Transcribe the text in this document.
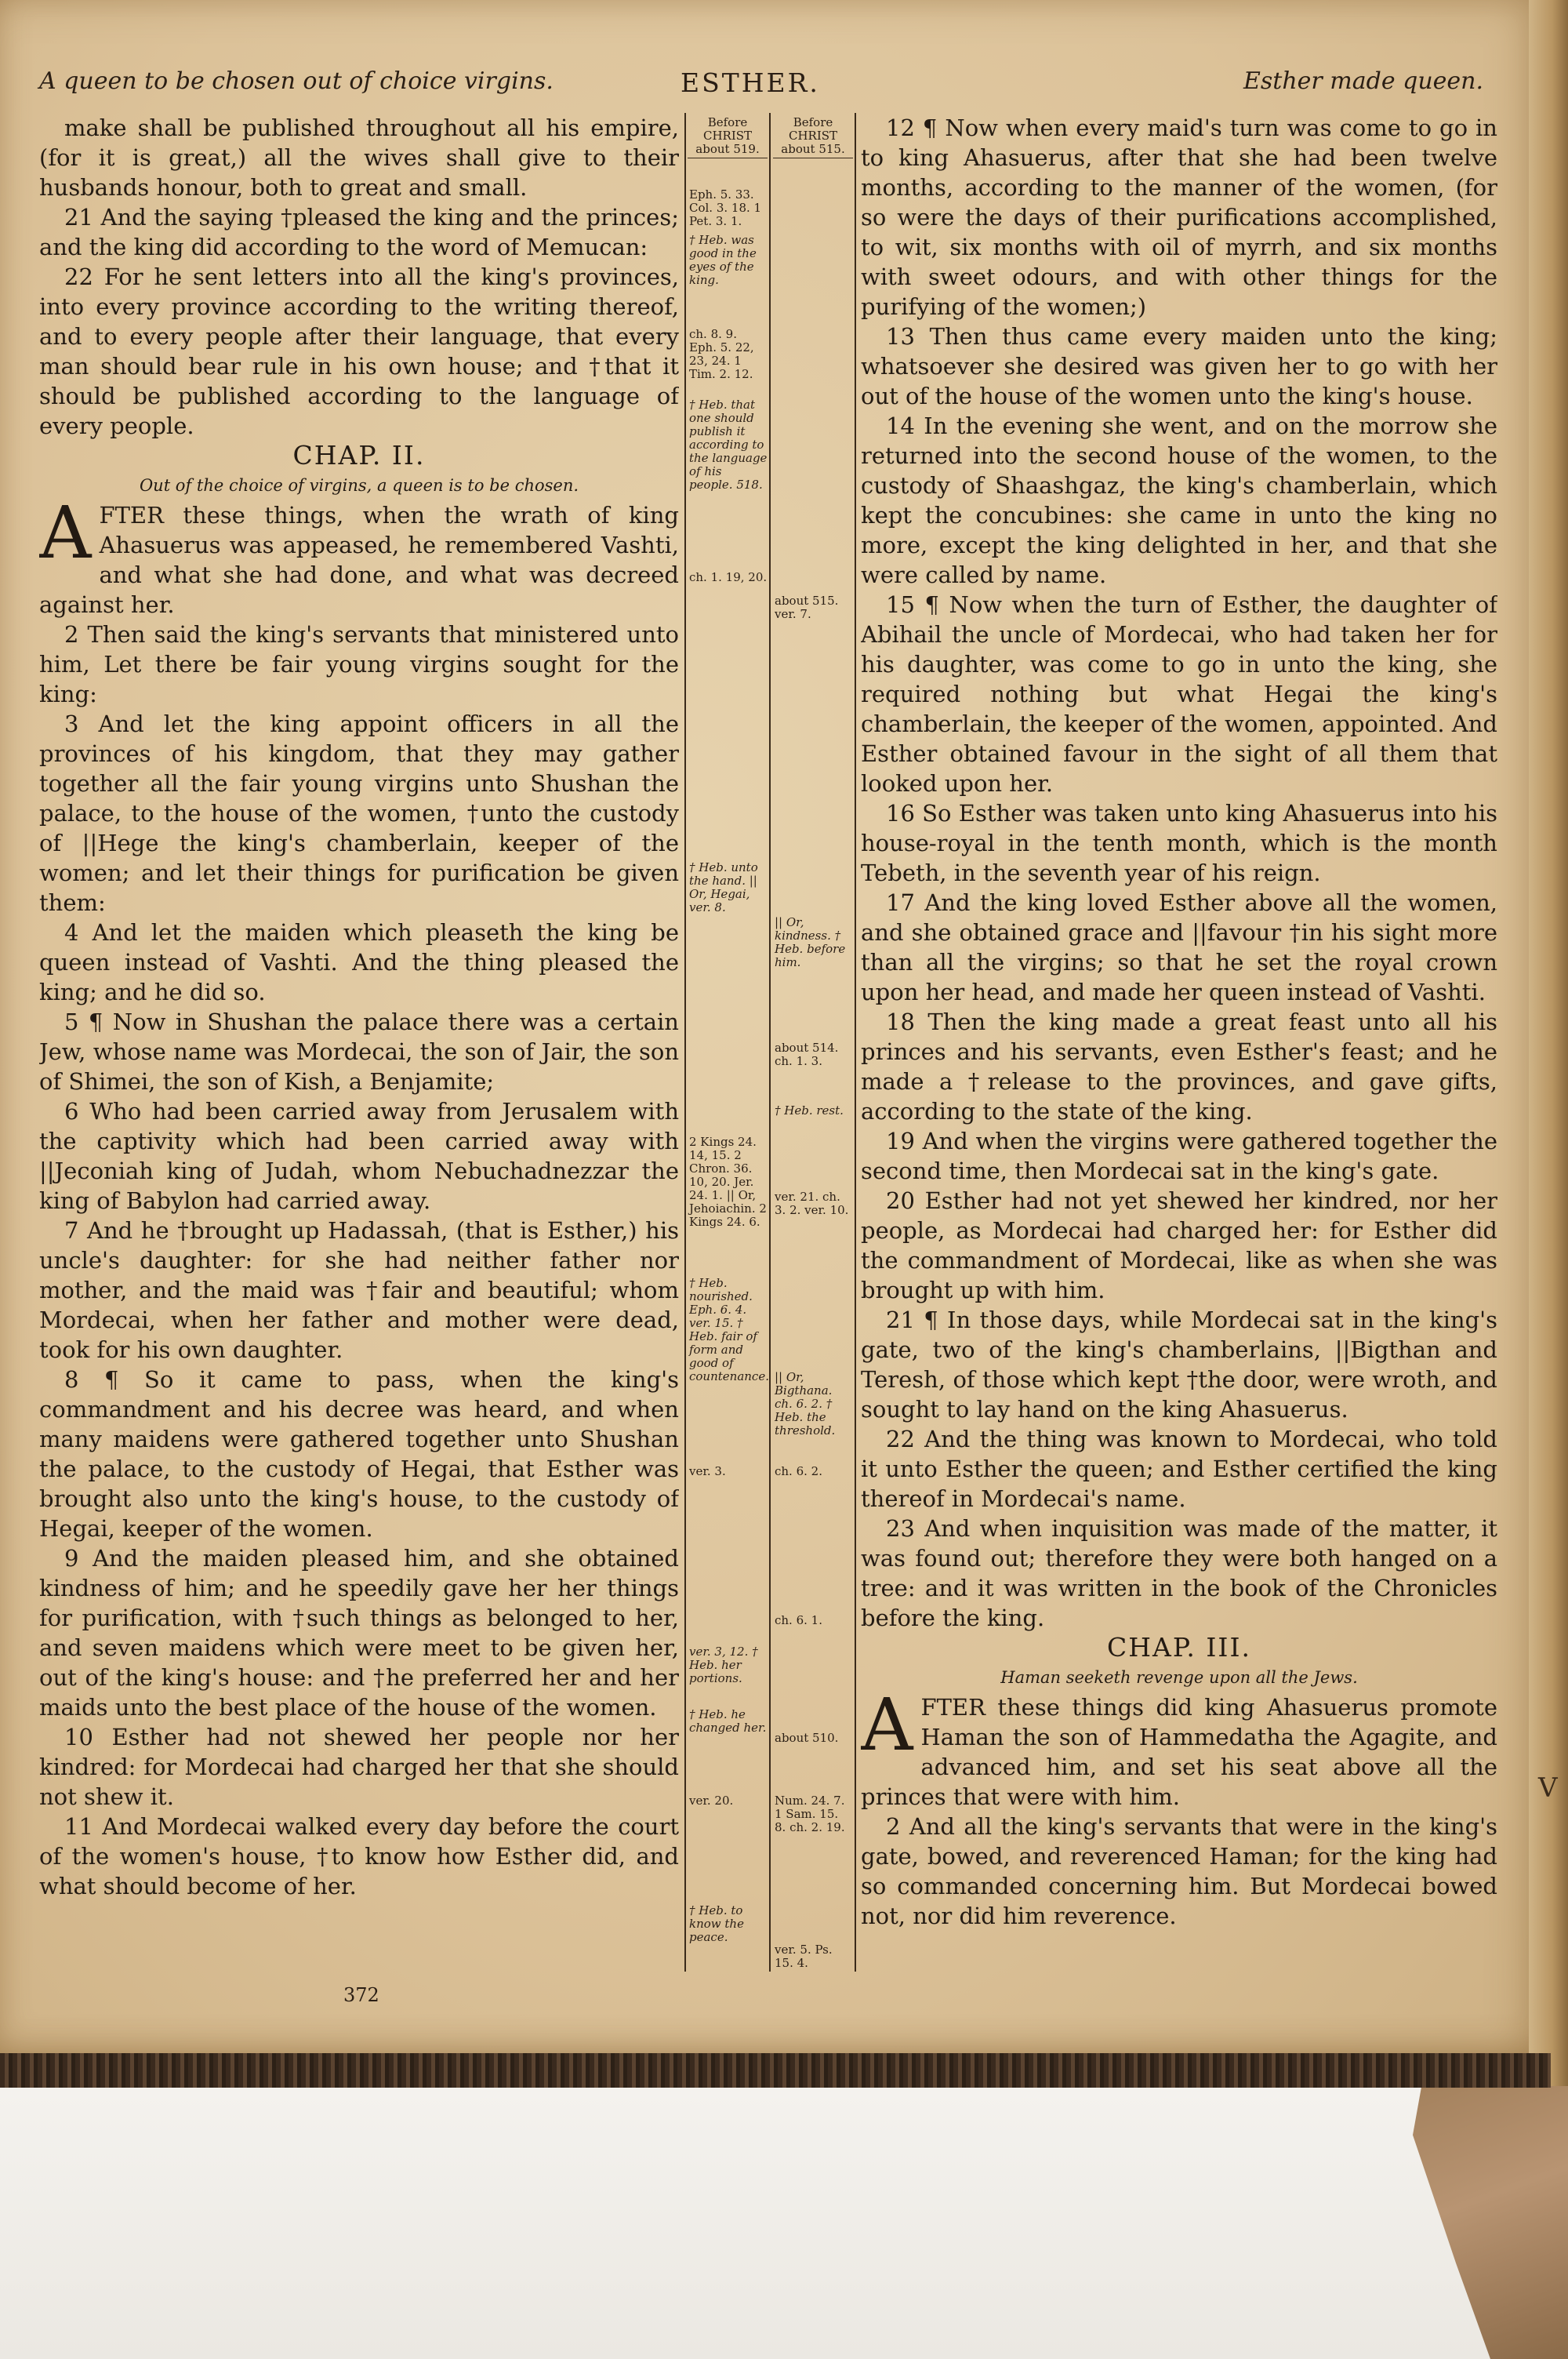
A queen to be chosen out of choice virgins.	ESTHER.	Esther made queen.

make shall be published throughout all his empire, (for it is great,) all the wives shall give to their husbands honour, both to great and small.

21 And the saying †pleased the king and the princes; and the king did according to the word of Memucan:

22 For he sent letters into all the king's provinces, into every province according to the writing thereof, and to every people after their language, that every man should bear rule in his own house; and †that it should be published according to the language of every people.

CHAP. II.

Out of the choice of virgins, a queen is to be chosen.

AFTER these things, when the wrath of king Ahasuerus was appeased, he remembered Vashti, and what she had done, and what was decreed against her.

2 Then said the king's servants that ministered unto him, Let there be fair young virgins sought for the king:

3 And let the king appoint officers in all the provinces of his kingdom, that they may gather together all the fair young virgins unto Shushan the palace, to the house of the women, †unto the custody of ||Hege the king's chamberlain, keeper of the women; and let their things for purification be given them:

4 And let the maiden which pleaseth the king be queen instead of Vashti. And the thing pleased the king; and he did so.

5 ¶ Now in Shushan the palace there was a certain Jew, whose name was Mordecai, the son of Jair, the son of Shimei, the son of Kish, a Benjamite;

6 Who had been carried away from Jerusalem with the captivity which had been carried away with ||Jeconiah king of Judah, whom Nebuchadnezzar the king of Babylon had carried away.

7 And he †brought up Hadassah, (that is Esther,) his uncle's daughter: for she had neither father nor mother, and the maid was †fair and beautiful; whom Mordecai, when her father and mother were dead, took for his own daughter.

8 ¶ So it came to pass, when the king's commandment and his decree was heard, and when many maidens were gathered together unto Shushan the palace, to the custody of Hegai, that Esther was brought also unto the king's house, to the custody of Hegai, keeper of the women.

9 And the maiden pleased him, and she obtained kindness of him; and he speedily gave her her things for purification, with †such things as belonged to her, and seven maidens which were meet to be given her, out of the king's house: and †he preferred her and her maids unto the best place of the house of the women.

10 Esther had not shewed her people nor her kindred: for Mordecai had charged her that she should not shew it.

11 And Mordecai walked every day before the court of the women's house, †to know how Esther did, and what should become of her.

Before CHRIST about 519.
Eph. 5. 33. Col. 3. 18. 1 Pet. 3. 1.
† Heb. was good in the eyes of the king.
ch. 8. 9. Eph. 5. 22, 23, 24. 1 Tim. 2. 12.
† Heb. that one should publish it according to the language of his people. 518.
ch. 1. 19, 20.
† Heb. unto the hand. || Or, Hegai, ver. 8.
2 Kings 24. 14, 15. 2 Chron. 36. 10, 20. Jer. 24. 1. || Or, Jehoiachin. 2 Kings 24. 6.
† Heb. nourished. Eph. 6. 4. ver. 15. † Heb. fair of form and good of countenance.
ver. 3.
ver. 3, 12. † Heb. her portions.
† Heb. he changed her.
ver. 20.
† Heb. to know the peace.
Before CHRIST about 515.
about 515. ver. 7.
|| Or, kindness. † Heb. before him.
about 514. ch. 1. 3.
† Heb. rest.
ver. 21. ch. 3. 2. ver. 10.
|| Or, Bigthana. ch. 6. 2. † Heb. the threshold.
ch. 6. 2.
ch. 6. 1.
about 510.
Num. 24. 7. 1 Sam. 15. 8. ch. 2. 19.
ver. 5. Ps. 15. 4.

12 ¶ Now when every maid's turn was come to go in to king Ahasuerus, after that she had been twelve months, according to the manner of the women, (for so were the days of their purifications accomplished, to wit, six months with oil of myrrh, and six months with sweet odours, and with other things for the purifying of the women;)

13 Then thus came every maiden unto the king; whatsoever she desired was given her to go with her out of the house of the women unto the king's house.

14 In the evening she went, and on the morrow she returned into the second house of the women, to the custody of Shaashgaz, the king's chamberlain, which kept the concubines: she came in unto the king no more, except the king delighted in her, and that she were called by name.

15 ¶ Now when the turn of Esther, the daughter of Abihail the uncle of Mordecai, who had taken her for his daughter, was come to go in unto the king, she required nothing but what Hegai the king's chamberlain, the keeper of the women, appointed. And Esther obtained favour in the sight of all them that looked upon her.

16 So Esther was taken unto king Ahasuerus into his house-royal in the tenth month, which is the month Tebeth, in the seventh year of his reign.

17 And the king loved Esther above all the women, and she obtained grace and ||favour †in his sight more than all the virgins; so that he set the royal crown upon her head, and made her queen instead of Vashti.

18 Then the king made a great feast unto all his princes and his servants, even Esther's feast; and he made a †release to the provinces, and gave gifts, according to the state of the king.

19 And when the virgins were gathered together the second time, then Mordecai sat in the king's gate.

20 Esther had not yet shewed her kindred, nor her people, as Mordecai had charged her: for Esther did the commandment of Mordecai, like as when she was brought up with him.

21 ¶ In those days, while Mordecai sat in the king's gate, two of the king's chamberlains, ||Bigthan and Teresh, of those which kept †the door, were wroth, and sought to lay hand on the king Ahasuerus.

22 And the thing was known to Mordecai, who told it unto Esther the queen; and Esther certified the king thereof in Mordecai's name.

23 And when inquisition was made of the matter, it was found out; therefore they were both hanged on a tree: and it was written in the book of the Chronicles before the king.

CHAP. III.

Haman seeketh revenge upon all the Jews.

AFTER these things did king Ahasuerus promote Haman the son of Hammedatha the Agagite, and advanced him, and set his seat above all the princes that were with him.

2 And all the king's servants that were in the king's gate, bowed, and reverenced Haman; for the king had so commanded concerning him. But Mordecai bowed not, nor did him reverence.

372
V
